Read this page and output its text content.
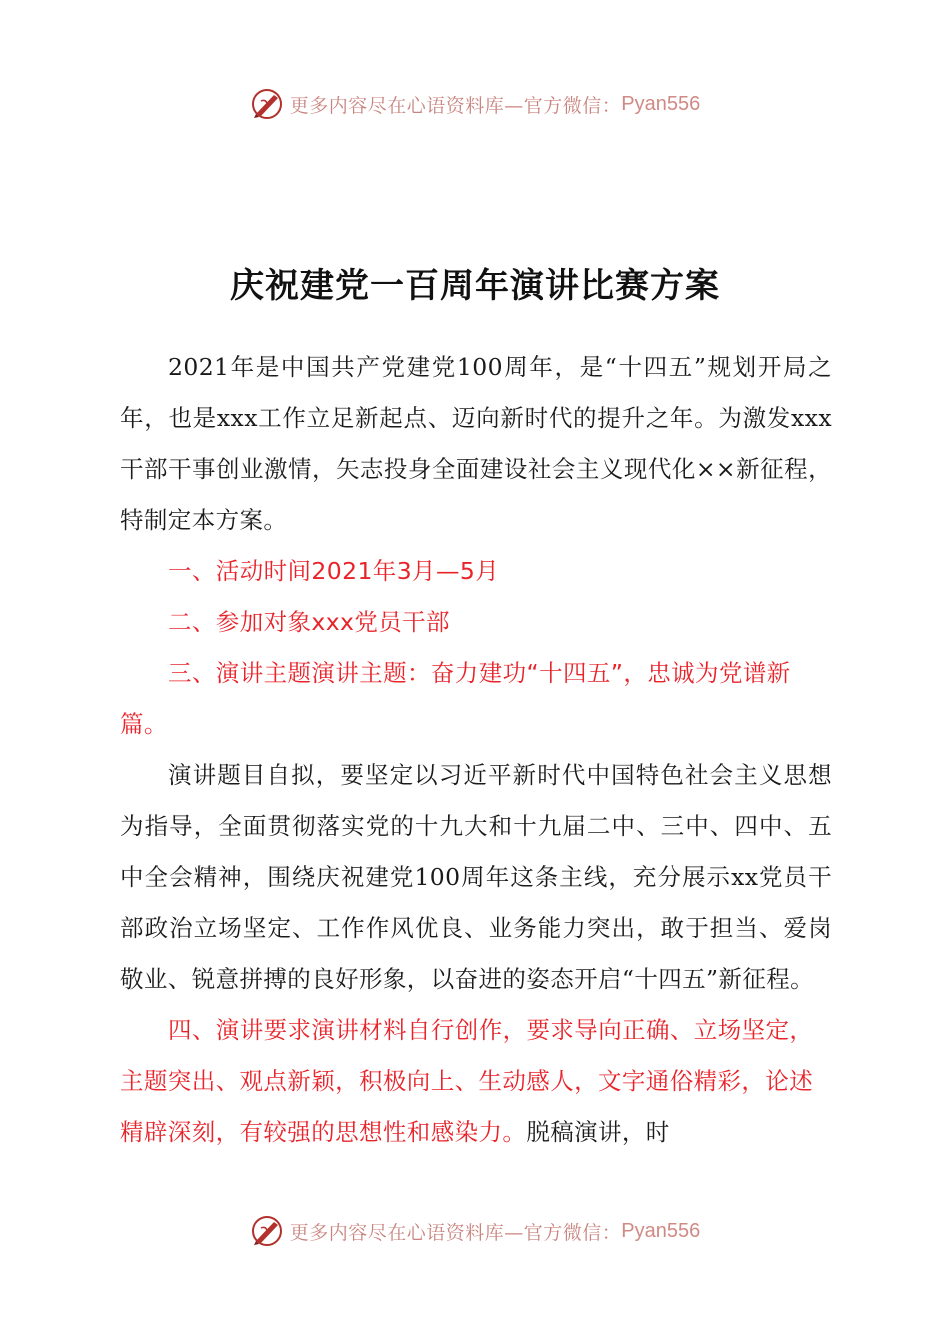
更多内容尽在心语资料库—官方微信： Pyan556
庆祝建党一百周年演讲比赛方案

2021年是中国共产党建党100周年，是“十四五”规划开局之年，也是xxx工作立足新起点、迈向新时代的提升之年。为激发xxx干部干事创业激情，矢志投身全面建设社会主义现代化××新征程，特制定本方案。

一、活动时间2021年3月—5月

二、参加对象xxx党员干部

三、演讲主题演讲主题：奋力建功“十四五”，忠诚为党谱新篇。

演讲题目自拟，要坚定以习近平新时代中国特色社会主义思想为指导，全面贯彻落实党的十九大和十九届二中、三中、四中、五中全会精神，围绕庆祝建党100周年这条主线，充分展示xx党员干部政治立场坚定、工作作风优良、业务能力突出，敢于担当、爱岗敬业、锐意拼搏的良好形象，以奋进的姿态开启“十四五”新征程。

四、演讲要求演讲材料自行创作，要求导向正确、立场坚定，主题突出、观点新颖，积极向上、生动感人，文字通俗精彩，论述精辟深刻，有较强的思想性和感染力。脱稿演讲，时

更多内容尽在心语资料库—官方微信： Pyan556
